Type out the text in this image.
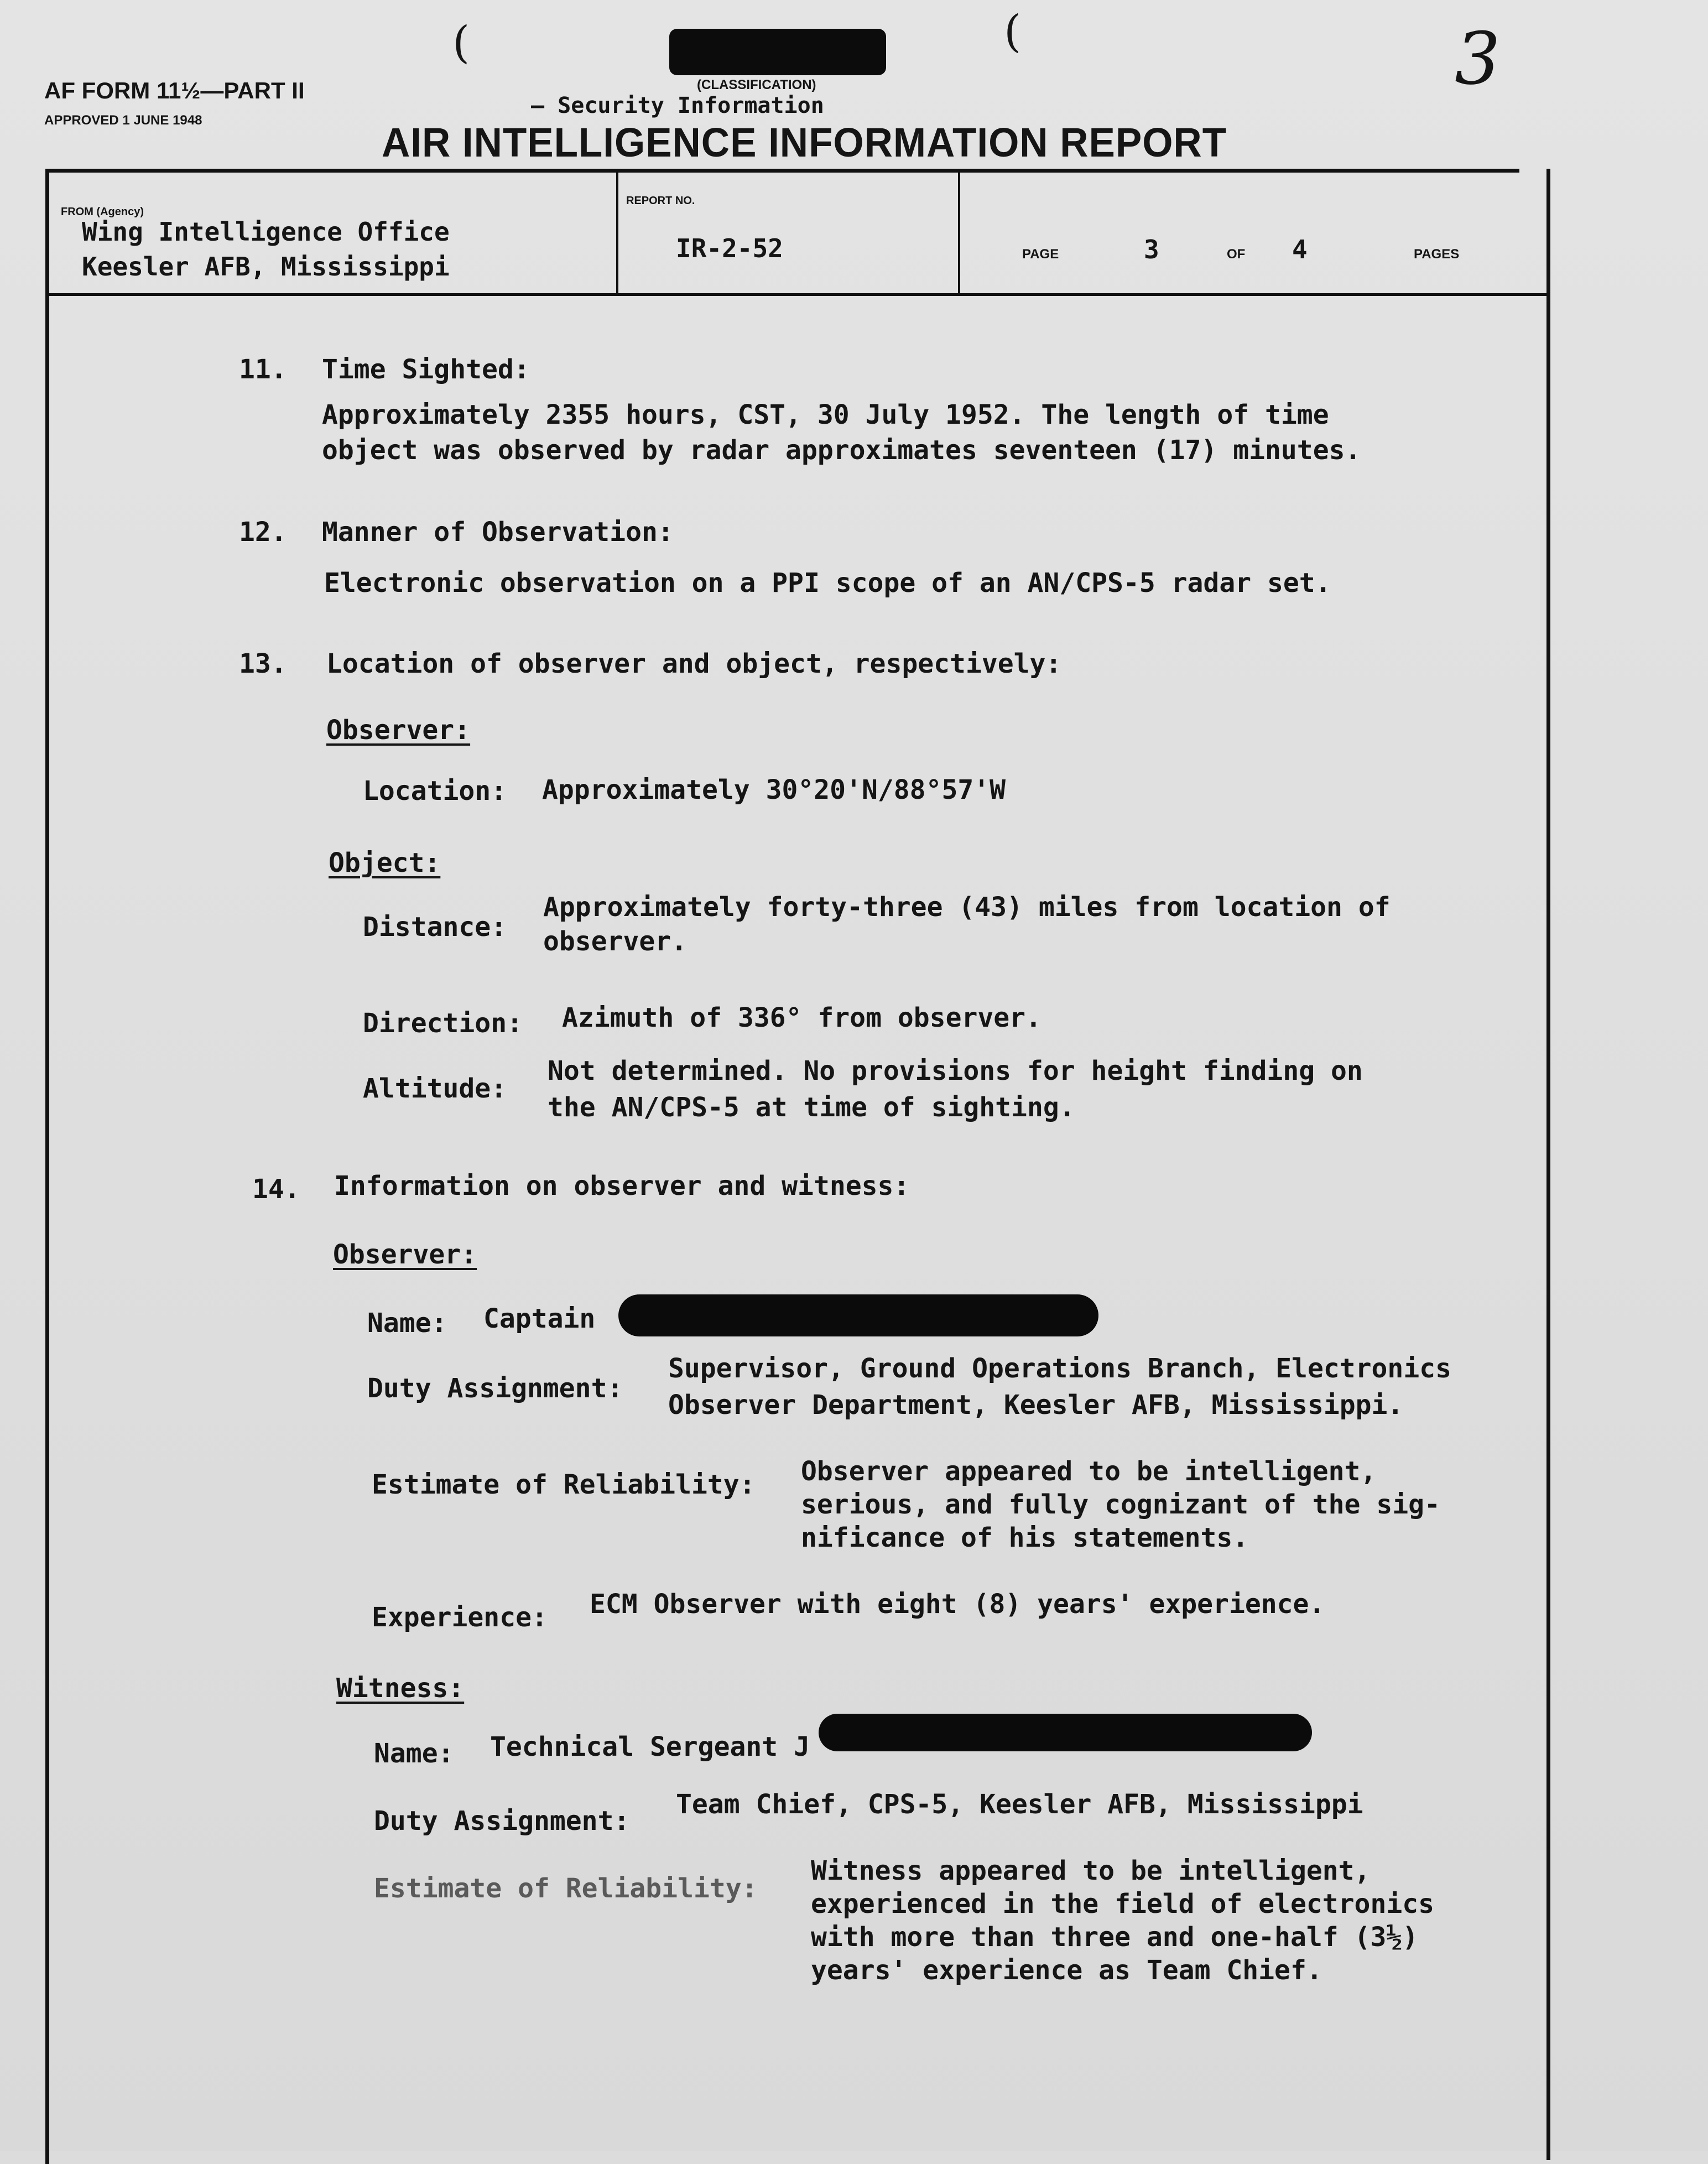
(	(	3
AF FORM 11½—PART II
APPROVED 1 JUNE 1948
(CLASSIFICATION)
— Security Information
AIR INTELLIGENCE INFORMATION REPORT
FROM (Agency)
Wing Intelligence Office
Keesler AFB, Mississippi
REPORT NO.
IR-2-52	PAGE	3	OF 4	PAGES
11. Time Sighted:
Approximately 2355 hours, CST, 30 July 1952. The length of time
object was observed by radar approximates seventeen (17) minutes.
12. Manner of Observation:
Electronic observation on a PPI scope of an AN/CPS-5 radar set.
13. Location of observer and object, respectively:
Observer:
Location: Approximately 30°20'N/88°57'W
Object:
Distance:
Approximately forty-three (43) miles from location of
observer.
Direction: Azimuth of 336° from observer.
Altitude:
Not determined. No provisions for height finding on
the AN/CPS-5 at time of sighting.
14. Information on observer and witness:
Observer:
Name: Captain
Duty Assignment:
Supervisor, Ground Operations Branch, Electronics
Observer Department, Keesler AFB, Mississippi.
Estimate of Reliability: Observer appeared to be intelligent,
serious, and fully cognizant of the sig-
nificance of his statements.
Experience: ECM Observer with eight (8) years' experience.
Witness:
Name: Technical Sergeant J
Duty Assignment:
Team Chief, CPS-5, Keesler AFB, Mississippi
Estimate of Reliability:
Witness appeared to be intelligent,
experienced in the field of electronics
with more than three and one-half (3½)
years' experience as Team Chief.
